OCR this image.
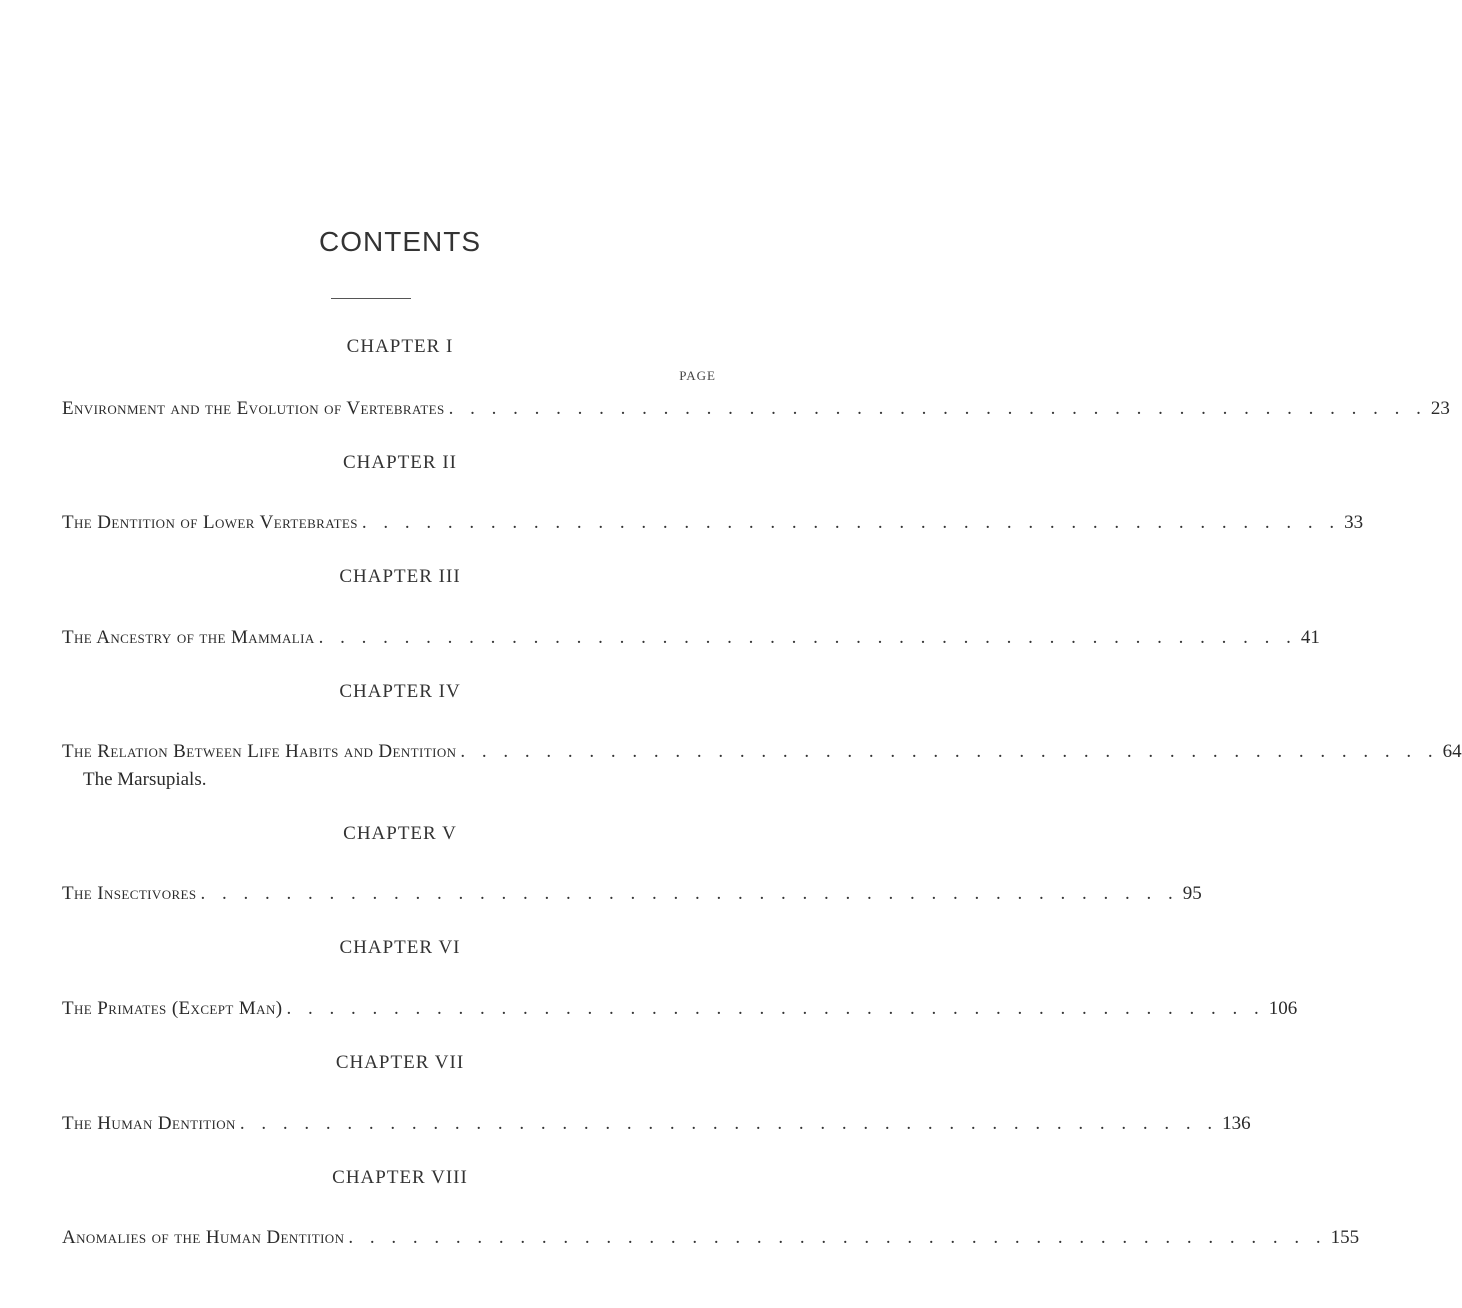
CONTENTS
PAGE
CHAPTER I
Environment and the Evolution of Vertebrates . . . . . . . . . . . . . . . . . . . . . . . . . . . . . . . . . . . . . . . . . . . . . . 23
CHAPTER II
The Dentition of Lower Vertebrates . . . . . . . . . . . . . . . . . . . . . . . . . . . . . . . . . . . . . . . . . . . . . . 33
CHAPTER III
The Ancestry of the Mammalia . . . . . . . . . . . . . . . . . . . . . . . . . . . . . . . . . . . . . . . . . . . . . . 41
CHAPTER IV
The Relation Between Life Habits and Dentition . . . . . . . . . . . . . . . . . . . . . . . . . . . . . . . . . . . . . . . . . . . . . . 64
The Marsupials.
CHAPTER V
The Insectivores . . . . . . . . . . . . . . . . . . . . . . . . . . . . . . . . . . . . . . . . . . . . . . 95
CHAPTER VI
The Primates (Except Man) . . . . . . . . . . . . . . . . . . . . . . . . . . . . . . . . . . . . . . . . . . . . . . 106
CHAPTER VII
The Human Dentition . . . . . . . . . . . . . . . . . . . . . . . . . . . . . . . . . . . . . . . . . . . . . . 136
CHAPTER VIII
Anomalies of the Human Dentition . . . . . . . . . . . . . . . . . . . . . . . . . . . . . . . . . . . . . . . . . . . . . . 155
